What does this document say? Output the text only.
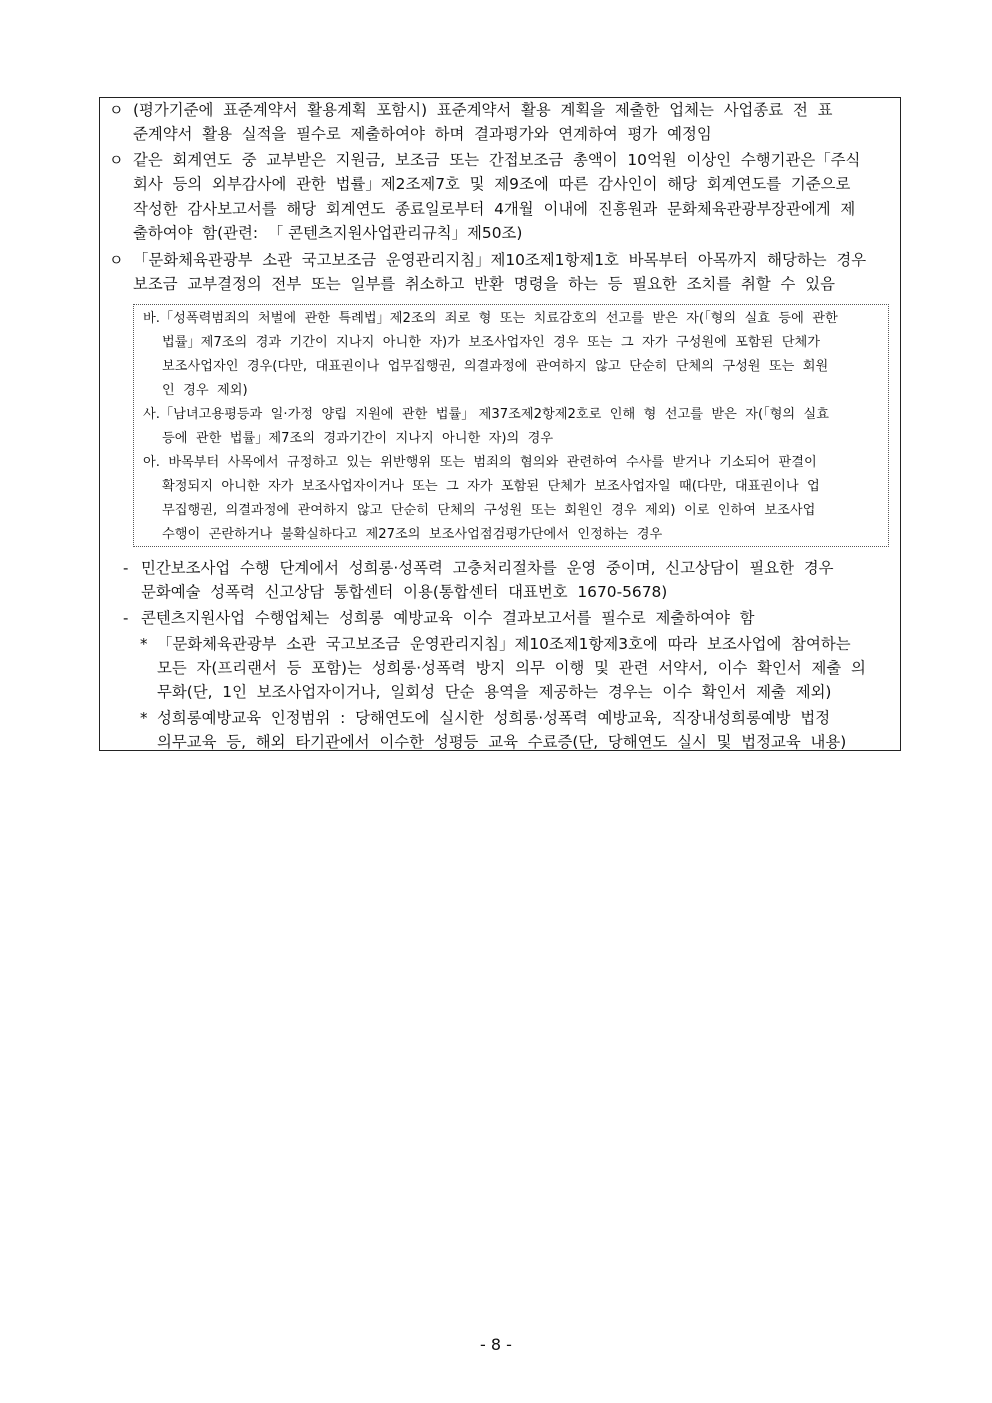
ㅇ (평가기준에  표준계약서  활용계획  포함시)  표준계약서  활용  계획을  제출한  업체는  사업종료  전  표
준계약서  활용  실적을  필수로  제출하여야  하며  결과평가와  연계하여  평가  예정임
ㅇ 같은  회계연도  중  교부받은  지원금,  보조금  또는  간접보조금  총액이  10억원  이상인  수행기관은「주식
회사  등의  외부감사에  관한  법률」제2조제7호  및  제9조에  따른  감사인이  해당  회계연도를  기준으로
작성한  감사보고서를  해당  회계연도  종료일로부터  4개월  이내에  진흥원과  문화체육관광부장관에게  제
출하여야  함(관련:  「 콘텐츠지원사업관리규칙」제50조)
ㅇ 「문화체육관광부  소관  국고보조금  운영관리지침」제10조제1항제1호  바목부터  아목까지  해당하는  경우
보조금  교부결정의  전부  또는  일부를  취소하고  반환  명령을  하는  등  필요한  조치를  취할  수  있음
바.「성폭력범죄의  처벌에  관한  특례법」제2조의  죄로  형  또는  치료감호의  선고를  받은  자(「형의  실효  등에  관한
법률」제7조의  경과  기간이  지나지  아니한  자)가  보조사업자인  경우  또는  그  자가  구성원에  포함된  단체가
보조사업자인  경우(다만,  대표권이나  업무집행권,  의결과정에  관여하지  않고  단순히  단체의  구성원  또는  회원
인  경우  제외)
사.「남녀고용평등과  일·가정  양립  지원에  관한  법률」 제37조제2항제2호로  인해  형  선고를  받은  자(「형의  실효
등에  관한  법률」제7조의  경과기간이  지나지  아니한  자)의  경우
아.  바목부터  사목에서  규정하고  있는  위반행위  또는  범죄의  혐의와  관련하여  수사를  받거나  기소되어  판결이
확정되지  아니한  자가  보조사업자이거나  또는  그  자가  포함된  단체가  보조사업자일  때(다만,  대표권이나  업
무집행권,  의결과정에  관여하지  않고  단순히  단체의  구성원  또는  회원인  경우  제외)  이로  인하여  보조사업
수행이  곤란하거나  불확실하다고  제27조의  보조사업점검평가단에서  인정하는  경우
- 민간보조사업  수행  단계에서  성희롱·성폭력  고충처리절차를  운영  중이며,  신고상담이  필요한  경우
문화예술  성폭력  신고상담  통합센터  이용(통합센터  대표번호  1670-5678)
- 콘텐츠지원사업  수행업체는  성희롱  예방교육  이수  결과보고서를  필수로  제출하여야  함
* 「문화체육관광부  소관  국고보조금  운영관리지침」제10조제1항제3호에  따라  보조사업에  참여하는
모든  자(프리랜서  등  포함)는  성희롱·성폭력  방지  의무  이행  및  관련  서약서,  이수  확인서  제출  의
무화(단,  1인  보조사업자이거나,  일회성  단순  용역을  제공하는  경우는  이수  확인서  제출  제외)
* 성희롱예방교육  인정범위  :  당해연도에  실시한  성희롱·성폭력  예방교육,  직장내성희롱예방  법정
의무교육  등,  해외  타기관에서  이수한  성평등  교육  수료증(단,  당해연도  실시  및  법정교육  내용)
- 8 -
